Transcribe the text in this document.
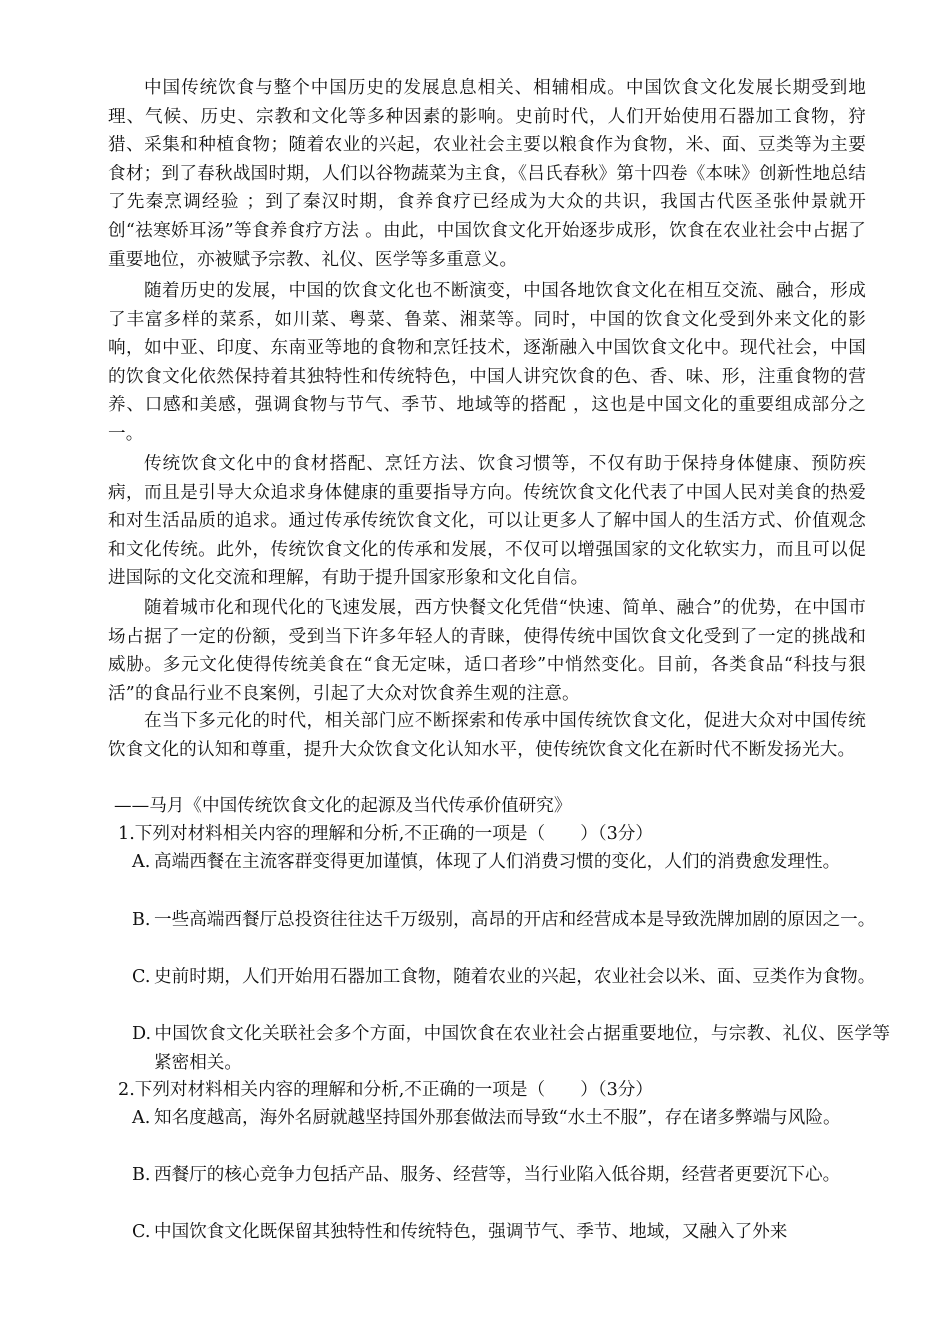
中国传统饮食与整个中国历史的发展息息相关、相辅相成。中国饮食文化发展长期受到地理、气候、历史、宗教和文化等多种因素的影响。史前时代，人们开始使用石器加工食物，狩猎、采集和种植食物；随着农业的兴起，农业社会主要以粮食作为食物，米、面、豆类等为主要食材；到了春秋战国时期，人们以谷物蔬菜为主食，《吕氏春秋》第十四卷《本味》创新性地总结了先秦烹调经验 ；到了秦汉时期，食养食疗已经成为大众的共识，我国古代医圣张仲景就开创“祛寒娇耳汤”等食养食疗方法 。由此，中国饮食文化开始逐步成形，饮食在农业社会中占据了重要地位，亦被赋予宗教、礼仪、医学等多重意义。

随着历史的发展，中国的饮食文化也不断演变，中国各地饮食文化在相互交流、融合，形成了丰富多样的菜系，如川菜、粤菜、鲁菜、湘菜等。同时，中国的饮食文化受到外来文化的影响，如中亚、印度、东南亚等地的食物和烹饪技术，逐渐融入中国饮食文化中。现代社会，中国的饮食文化依然保持着其独特性和传统特色，中国人讲究饮食的色、香、味、形，注重食物的营养、口感和美感，强调食物与节气、季节、地域等的搭配 ，这也是中国文化的重要组成部分之一。

传统饮食文化中的食材搭配、烹饪方法、饮食习惯等，不仅有助于保持身体健康、预防疾病，而且是引导大众追求身体健康的重要指导方向。传统饮食文化代表了中国人民对美食的热爱和对生活品质的追求。通过传承传统饮食文化，可以让更多人了解中国人的生活方式、价值观念和文化传统。此外，传统饮食文化的传承和发展，不仅可以增强国家的文化软实力，而且可以促进国际的文化交流和理解，有助于提升国家形象和文化自信。

随着城市化和现代化的飞速发展，西方快餐文化凭借“快速、简单、融合”的优势，在中国市场占据了一定的份额，受到当下许多年轻人的青睐，使得传统中国饮食文化受到了一定的挑战和威胁。多元文化使得传统美食在“食无定味，适口者珍”中悄然变化。目前，各类食品“科技与狠活”的食品行业不良案例，引起了大众对饮食养生观的注意。

在当下多元化的时代，相关部门应不断探索和传承中国传统饮食文化，促进大众对中国传统饮食文化的认知和尊重，提升大众饮食文化认知水平，使传统饮食文化在新时代不断发扬光大。

——马月《中国传统饮食文化的起源及当代传承价值研究》

1.下列对材料相关内容的理解和分析,不正确的一项是（　　）（3分）

A. 高端西餐在主流客群变得更加谨慎，体现了人们消费习惯的变化，人们的消费愈发理性。
B. 一些高端西餐厅总投资往往达千万级别，高昂的开店和经营成本是导致洗牌加剧的原因之一。
C. 史前时期，人们开始用石器加工食物，随着农业的兴起，农业社会以米、面、豆类作为食物。
D. 中国饮食文化关联社会多个方面，中国饮食在农业社会占据重要地位，与宗教、礼仪、医学等紧密相关。

2.下列对材料相关内容的理解和分析,不正确的一项是（　　）（3分）

A. 知名度越高，海外名厨就越坚持国外那套做法而导致“水土不服”，存在诸多弊端与风险。
B. 西餐厅的核心竞争力包括产品、服务、经营等，当行业陷入低谷期，经营者更要沉下心。
C. 中国饮食文化既保留其独特性和传统特色，强调节气、季节、地域，又融入了外来
